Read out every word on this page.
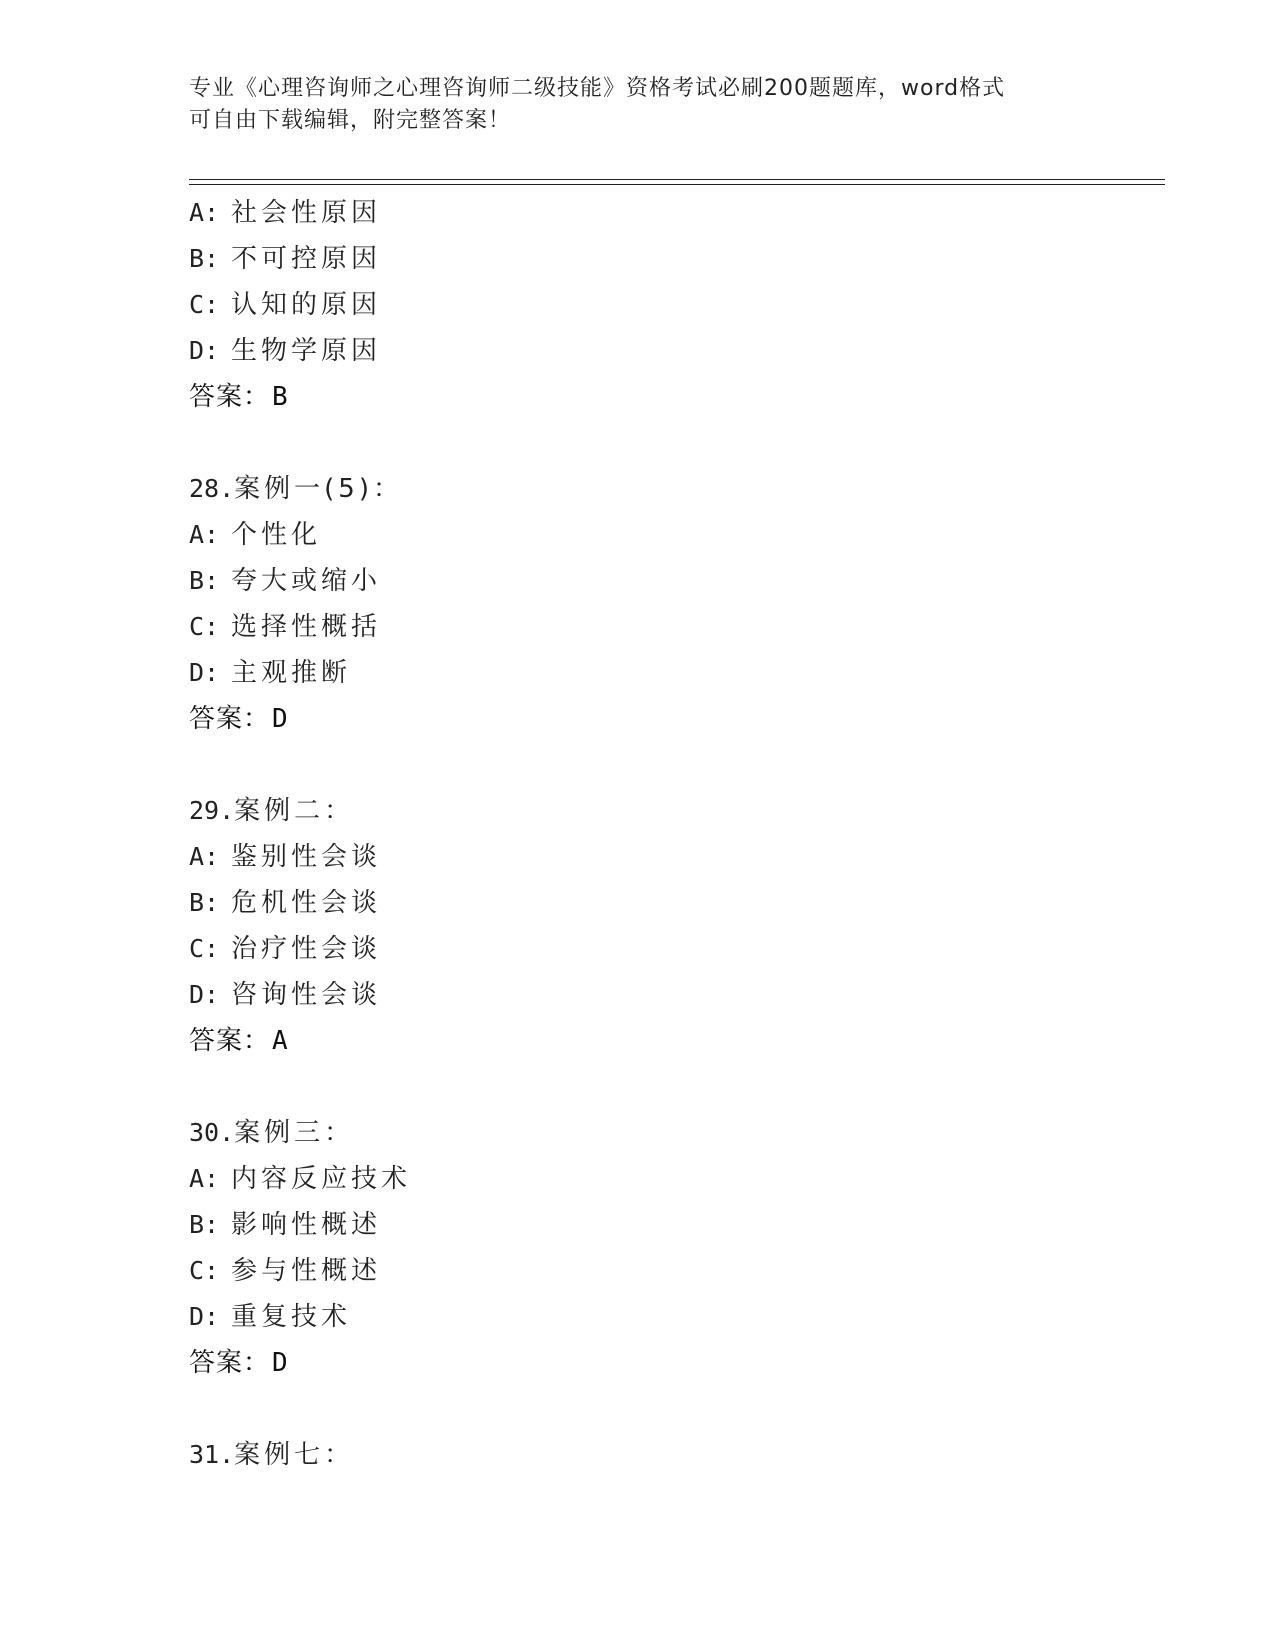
专业《心理咨询师之心理咨询师二级技能》资格考试必刷200题题库，word格式
可自由下载编辑，附完整答案！
A: 社会性原因
B: 不可控原因
C: 认知的原因
D: 生物学原因
答案：B
28.案例一(5)：
A: 个性化
B: 夸大或缩小
C: 选择性概括
D: 主观推断
答案：D
29.案例二：
A: 鉴别性会谈
B: 危机性会谈
C: 治疗性会谈
D: 咨询性会谈
答案：A
30.案例三：
A: 内容反应技术
B: 影响性概述
C: 参与性概述
D: 重复技术
答案：D
31.案例七：
